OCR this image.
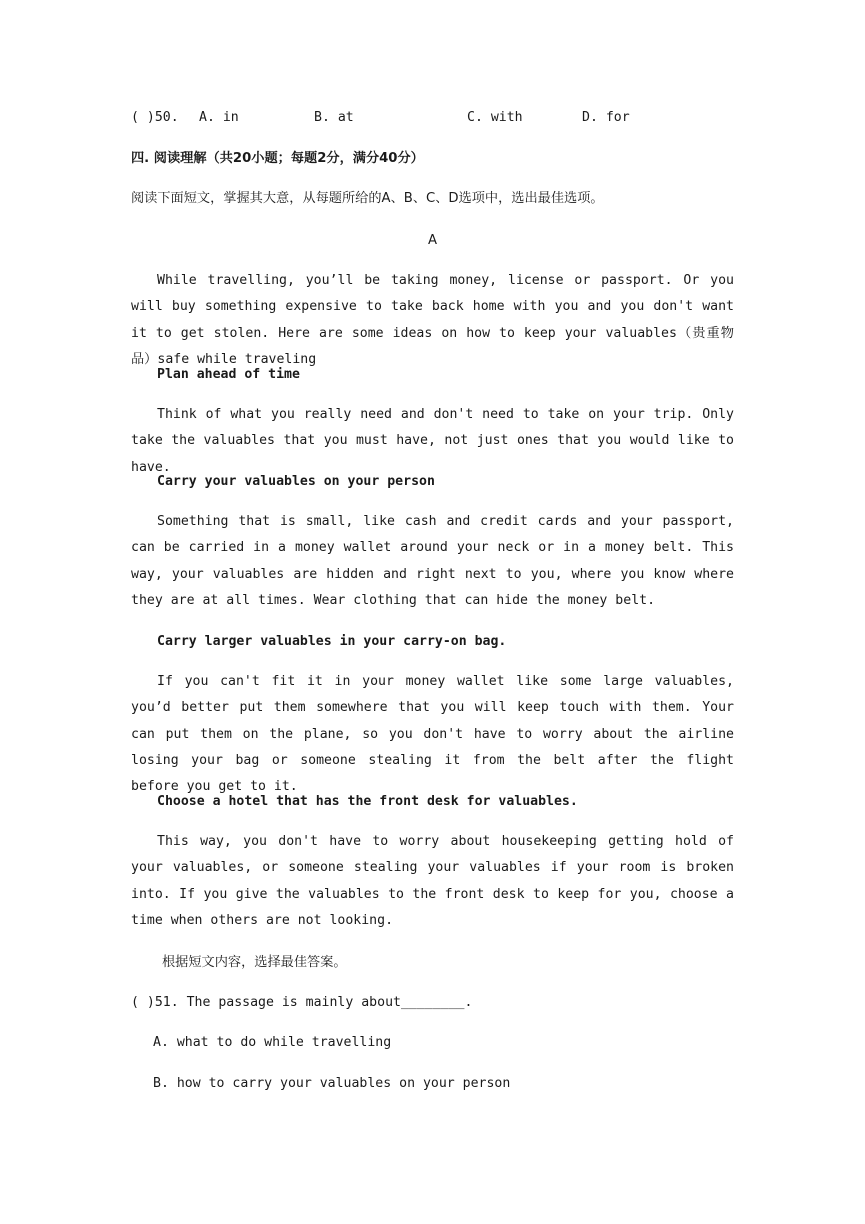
( )50. A. in	B. at	C. with	D. for
四. 阅读理解（共20小题；每题2分，满分40分）
阅读下面短文，掌握其大意，从每题所给的A、B、C、D选项中，选出最佳选项。
A
While travelling, you’ll be taking money, license or passport. Or you will buy something expensive to take back home with you and you don't want it to get stolen. Here are some ideas on how to keep your valuables（贵重物品）safe while traveling
Plan ahead of time
Think of what you really need and don't need to take on your trip. Only take the valuables that you must have, not just ones that you would like to have.
Carry your valuables on your person
Something that is small, like cash and credit cards and your passport, can be carried in a money wallet around your neck or in a money belt. This way, your valuables are hidden and right next to you, where you know where they are at all times. Wear clothing that can hide the money belt.
Carry larger valuables in your carry-on bag.
If you can't fit it in your money wallet like some large valuables, you’d better put them somewhere that you will keep touch with them. Your can put them on the plane, so you don't have to worry about the airline losing your bag or someone stealing it from the belt after the flight before you get to it.
Choose a hotel that has the front desk for valuables.
This way, you don't have to worry about housekeeping getting hold of your valuables, or someone stealing your valuables if your room is broken into. If you give the valuables to the front desk to keep for you, choose a time when others are not looking.
根据短文内容，选择最佳答案。
( )51. The passage is mainly about________.
A. what to do while travelling
B. how to carry your valuables on your person
